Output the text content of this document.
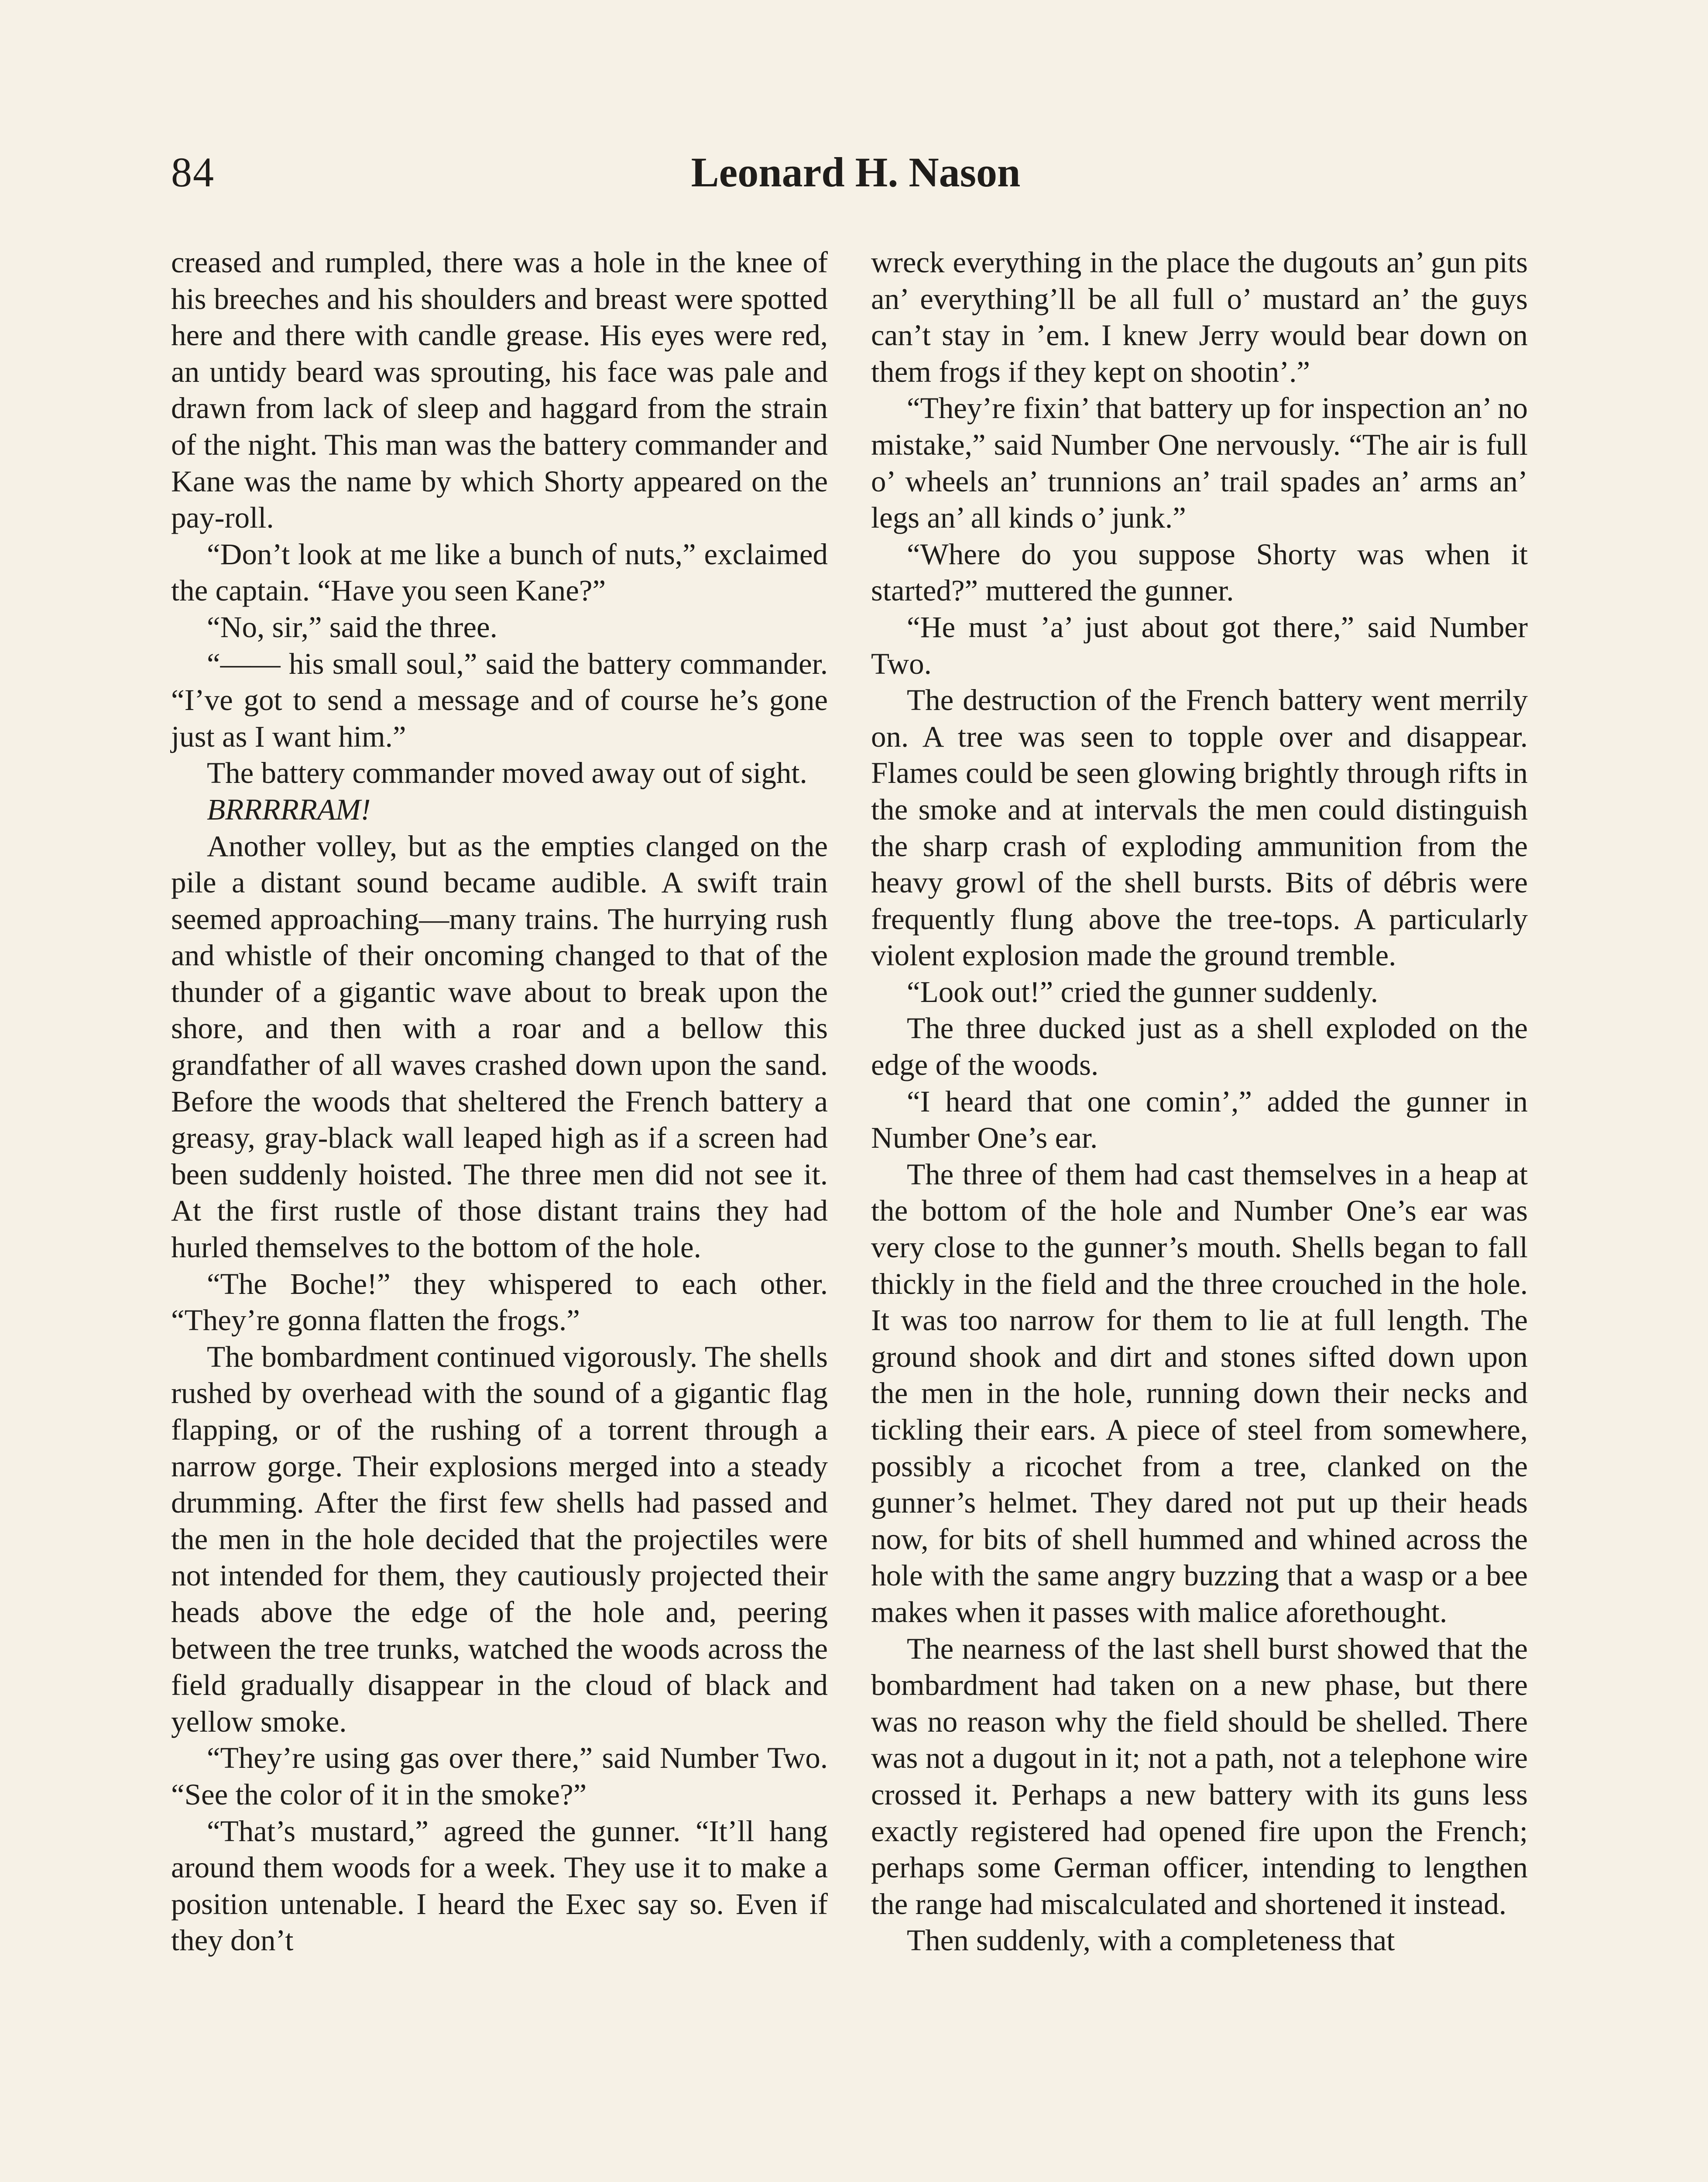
84	Leonard H. Nason

creased and rumpled, there was a hole in the knee of his breeches and his shoulders and breast were spotted here and there with candle grease. His eyes were red, an untidy beard was sprouting, his face was pale and drawn from lack of sleep and haggard from the strain of the night. This man was the battery commander and Kane was the name by which Shorty appeared on the pay-roll.

“Don’t look at me like a bunch of nuts,” exclaimed the captain. “Have you seen Kane?”

“No, sir,” said the three.

“—— his small soul,” said the battery commander. “I’ve got to send a message and of course he’s gone just as I want him.”

The battery commander moved away out of sight.

BRRRRRAM!

Another volley, but as the empties clanged on the pile a distant sound became audible. A swift train seemed approaching—many trains. The hurrying rush and whistle of their oncoming changed to that of the thunder of a gigantic wave about to break upon the shore, and then with a roar and a bellow this grandfather of all waves crashed down upon the sand. Before the woods that sheltered the French battery a greasy, gray-black wall leaped high as if a screen had been suddenly hoisted. The three men did not see it. At the first rustle of those distant trains they had hurled themselves to the bottom of the hole.

“The Boche!” they whispered to each other. “They’re gonna flatten the frogs.”

The bombardment continued vigorously. The shells rushed by overhead with the sound of a gigantic flag flapping, or of the rushing of a torrent through a narrow gorge. Their explosions merged into a steady drumming. After the first few shells had passed and the men in the hole decided that the projectiles were not intended for them, they cautiously projected their heads above the edge of the hole and, peering between the tree trunks, watched the woods across the field gradually disappear in the cloud of black and yellow smoke.

“They’re using gas over there,” said Number Two. “See the color of it in the smoke?”

“That’s mustard,” agreed the gunner. “It’ll hang around them woods for a week. They use it to make a position untenable. I heard the Exec say so. Even if they don’t

wreck everything in the place the dugouts an’ gun pits an’ everything’ll be all full o’ mustard an’ the guys can’t stay in ’em. I knew Jerry would bear down on them frogs if they kept on shootin’.”

“They’re fixin’ that battery up for inspection an’ no mistake,” said Number One nervously. “The air is full o’ wheels an’ trunnions an’ trail spades an’ arms an’ legs an’ all kinds o’ junk.”

“Where do you suppose Shorty was when it started?” muttered the gunner.

“He must ’a’ just about got there,” said Number Two.

The destruction of the French battery went merrily on. A tree was seen to topple over and disappear. Flames could be seen glowing brightly through rifts in the smoke and at intervals the men could distinguish the sharp crash of exploding ammunition from the heavy growl of the shell bursts. Bits of débris were frequently flung above the tree-tops. A particularly violent explosion made the ground tremble.

“Look out!” cried the gunner suddenly.

The three ducked just as a shell exploded on the edge of the woods.

“I heard that one comin’,” added the gunner in Number One’s ear.

The three of them had cast themselves in a heap at the bottom of the hole and Number One’s ear was very close to the gunner’s mouth. Shells began to fall thickly in the field and the three crouched in the hole. It was too narrow for them to lie at full length. The ground shook and dirt and stones sifted down upon the men in the hole, running down their necks and tickling their ears. A piece of steel from somewhere, possibly a ricochet from a tree, clanked on the gunner’s helmet. They dared not put up their heads now, for bits of shell hummed and whined across the hole with the same angry buzzing that a wasp or a bee makes when it passes with malice aforethought.

The nearness of the last shell burst showed that the bombardment had taken on a new phase, but there was no reason why the field should be shelled. There was not a dugout in it; not a path, not a telephone wire crossed it. Perhaps a new battery with its guns less exactly registered had opened fire upon the French; perhaps some German officer, intending to lengthen the range had miscalculated and shortened it instead.

Then suddenly, with a completeness that
